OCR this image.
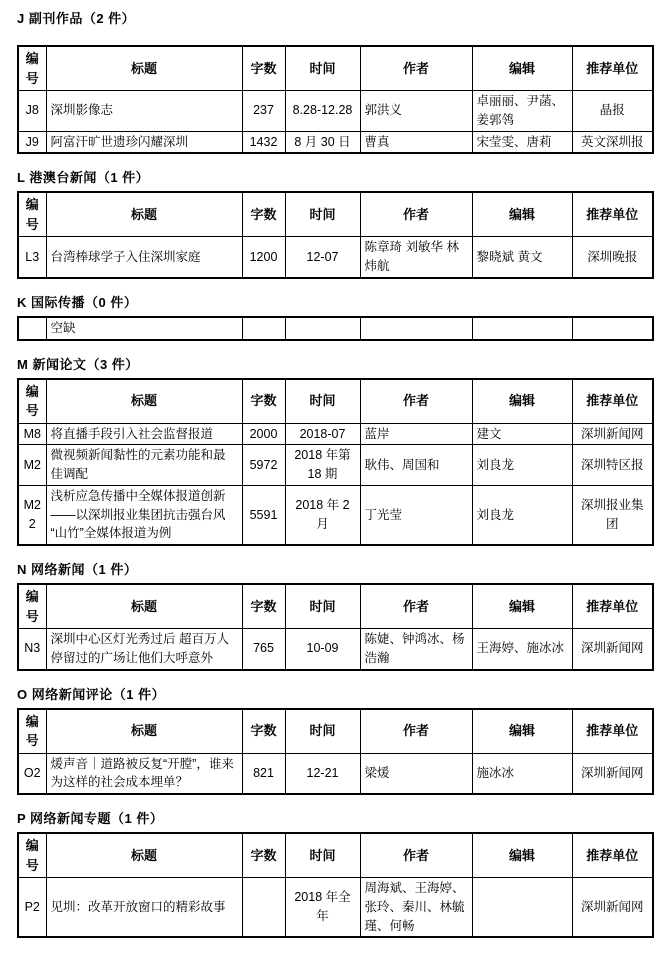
J 副刊作品（2 件）
编号	标题	字数	时间	作者	编辑	推荐单位
J8	深圳影像志	237	8.28-12.28	郭洪义	卓丽丽、尹菡、姜郭鸰	晶报
J9	阿富汗旷世遗珍闪耀深圳	1432	8 月 30 日	曹真	宋莹雯、唐莉	英文深圳报
L 港澳台新闻（1 件）
编号	标题	字数	时间	作者	编辑	推荐单位
L3	台湾棒球学子入住深圳家庭	1200	12-07	陈章琦 刘敏华 林炜航	黎晓斌 黄文	深圳晚报
K 国际传播（0 件）
	空缺					
M 新闻论文（3 件）
编号	标题	字数	时间	作者	编辑	推荐单位
M8	将直播手段引入社会监督报道	2000	2018-07	蓝岸	建文	深圳新闻网
M2	微视频新闻黏性的元素功能和最佳调配	5972	2018 年第 18 期	耿伟、周国和	刘良龙	深圳特区报
M22	浅析应急传播中全媒体报道创新 ——以深圳报业集团抗击强台风“山竹”全媒体报道为例	5591	2018 年 2 月	丁光莹	刘良龙	深圳报业集团
N 网络新闻（1 件）
编号	标题	字数	时间	作者	编辑	推荐单位
N3	深圳中心区灯光秀过后 超百万人停留过的广场让他们大呼意外	765	10-09	陈婕、钟鸿冰、杨浩瀚	王海婷、施冰冰	深圳新闻网
O 网络新闻评论（1 件）
编号	标题	字数	时间	作者	编辑	推荐单位
O2	煖声音｜道路被反复“开膛”，谁来为这样的社会成本埋单？	821	12-21	梁煖	施冰冰	深圳新闻网
P 网络新闻专题（1 件）
编号	标题	字数	时间	作者	编辑	推荐单位
P2	见圳：改革开放窗口的精彩故事		2018 年全年	周海斌、王海婷、张玲、秦川、林毓瑾、何畅		深圳新闻网
